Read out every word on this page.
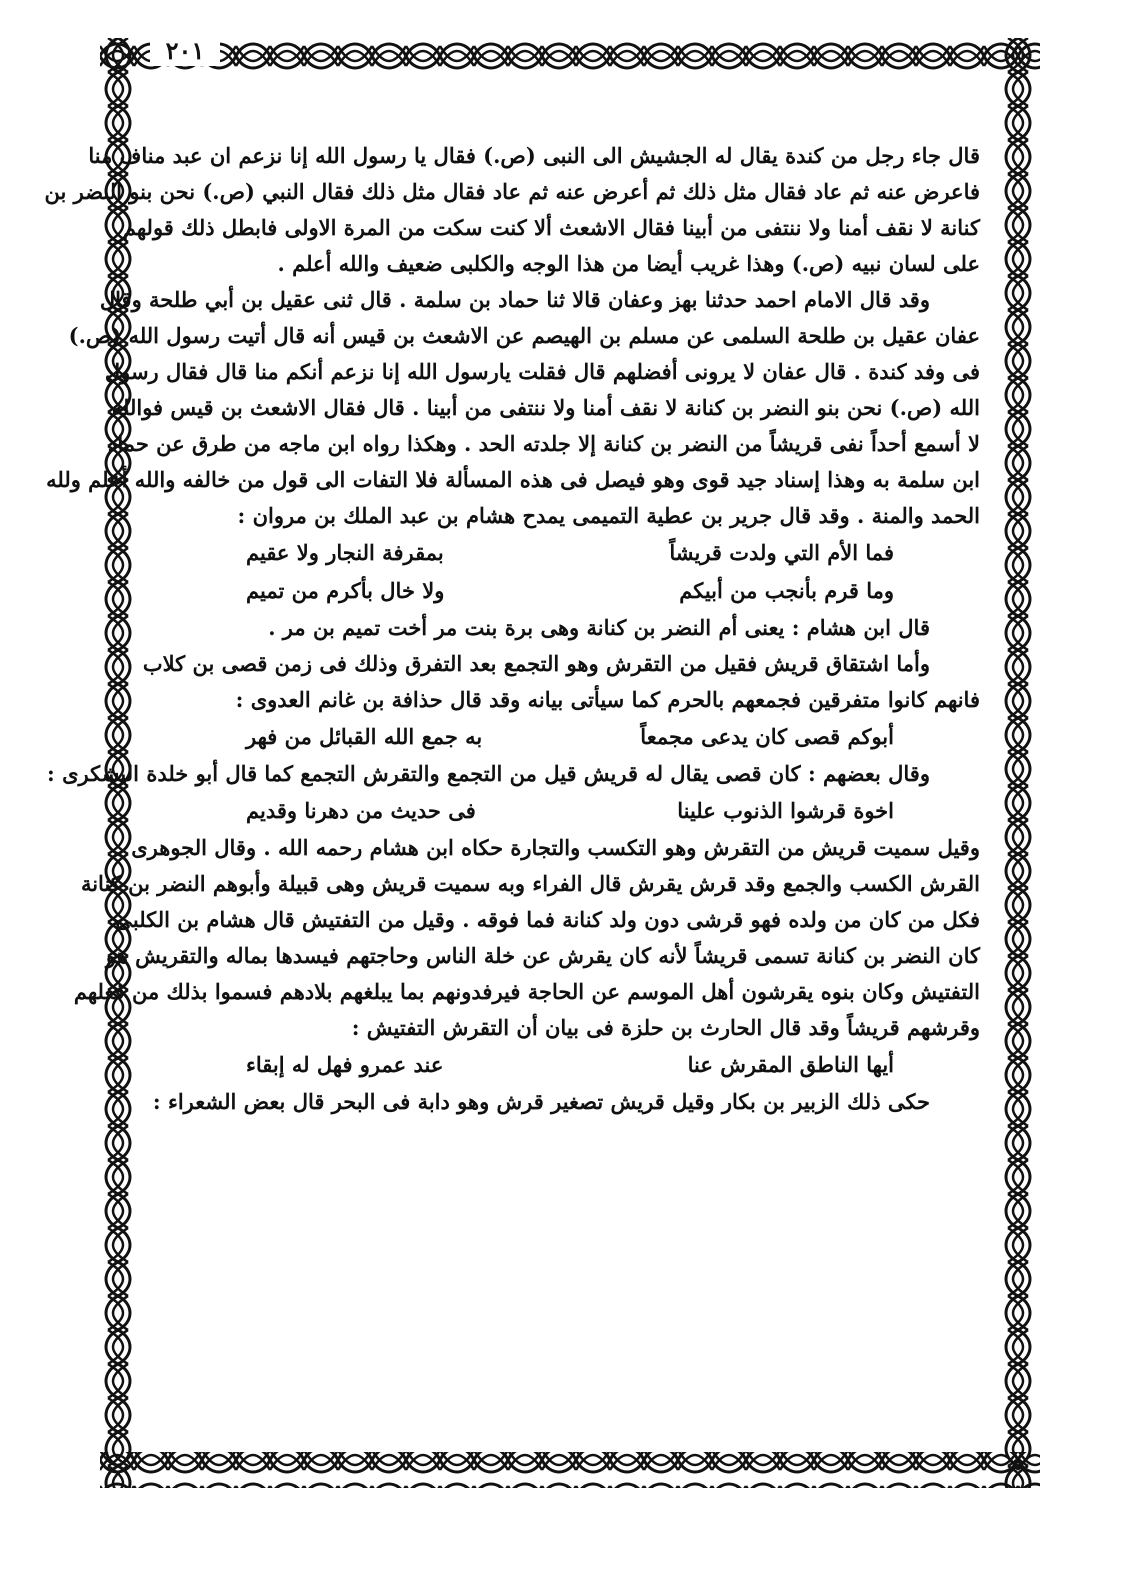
٢٠١
قال جاء رجل من كندة يقال له الجشيش الى النبى (ص.) فقال يا رسول الله إنا نزعم ان عبد مناف منا
فاعرض عنه ثم عاد فقال مثل ذلك ثم أعرض عنه ثم عاد فقال مثل ذلك فقال النبي (ص.) نحن بنو النضر بن
كنانة لا نقف أمنا ولا ننتفى من أبينا فقال الاشعث ألا كنت سكت من المرة الاولى فابطل ذلك قولهم
على لسان نبيه (ص.) وهذا غريب أيضا من هذا الوجه والكلبى ضعيف والله أعلم .
وقد قال الامام احمد حدثنا بهز وعفان قالا ثنا حماد بن سلمة . قال ثنى عقيل بن أبي طلحة وقال
عفان عقيل بن طلحة السلمى عن مسلم بن الهيصم عن الاشعث بن قيس أنه قال أتيت رسول الله (ص.)
فى وفد كندة . قال عفان لا يرونى أفضلهم قال فقلت يارسول الله إنا نزعم أنكم منا قال فقال رسول
الله (ص.) نحن بنو النضر بن كنانة لا نقف أمنا ولا ننتفى من أبينا . قال فقال الاشعث بن قيس فوالله
لا أسمع أحداً نفى قريشاً من النضر بن كنانة إلا جلدته الحد . وهكذا رواه ابن ماجه من طرق عن حماد
ابن سلمة به وهذا إسناد جيد قوى وهو فيصل فى هذه المسألة فلا التفات الى قول من خالفه والله أعلم ولله
الحمد والمنة . وقد قال جرير بن عطية التميمى يمدح هشام بن عبد الملك بن مروان :
فما الأم التي ولدت قريشاً
بمقرفة النجار ولا عقيم
وما قرم بأنجب من أبيكم
ولا خال بأكرم من تميم
قال ابن هشام : يعنى أم النضر بن كنانة وهى برة بنت مر أخت تميم بن مر .
وأما اشتقاق قريش فقيل من التقرش وهو التجمع بعد التفرق وذلك فى زمن قصى بن كلاب
فانهم كانوا متفرقين فجمعهم بالحرم كما سيأتى بيانه وقد قال حذافة بن غانم العدوى :
أبوكم قصى كان يدعى مجمعاً
به جمع الله القبائل من فهر
وقال بعضهم : كان قصى يقال له قريش قيل من التجمع والتقرش التجمع كما قال أبو خلدة اليشكرى :
اخوة قرشوا الذنوب علينا
فى حديث من دهرنا وقديم
وقيل سميت قريش من التقرش وهو التكسب والتجارة حكاه ابن هشام رحمه الله . وقال الجوهرى
القرش الكسب والجمع وقد قرش يقرش قال الفراء وبه سميت قريش وهى قبيلة وأبوهم النضر بن كنانة
فكل من كان من ولده فهو قرشى دون ولد كنانة فما فوقه . وقيل من التفتيش قال هشام بن الكلبى
كان النضر بن كنانة تسمى قريشاً لأنه كان يقرش عن خلة الناس وحاجتهم فيسدها بماله والتقريش هو
التفتيش وكان بنوه يقرشون أهل الموسم عن الحاجة فيرفدونهم بما يبلغهم بلادهم فسموا بذلك من فعلهم
وقرشهم قريشاً وقد قال الحارث بن حلزة فى بيان أن التقرش التفتيش :
أيها الناطق المقرش عنا
عند عمرو فهل له إبقاء
حكى ذلك الزبير بن بكار وقيل قريش تصغير قرش وهو دابة فى البحر قال بعض الشعراء :
